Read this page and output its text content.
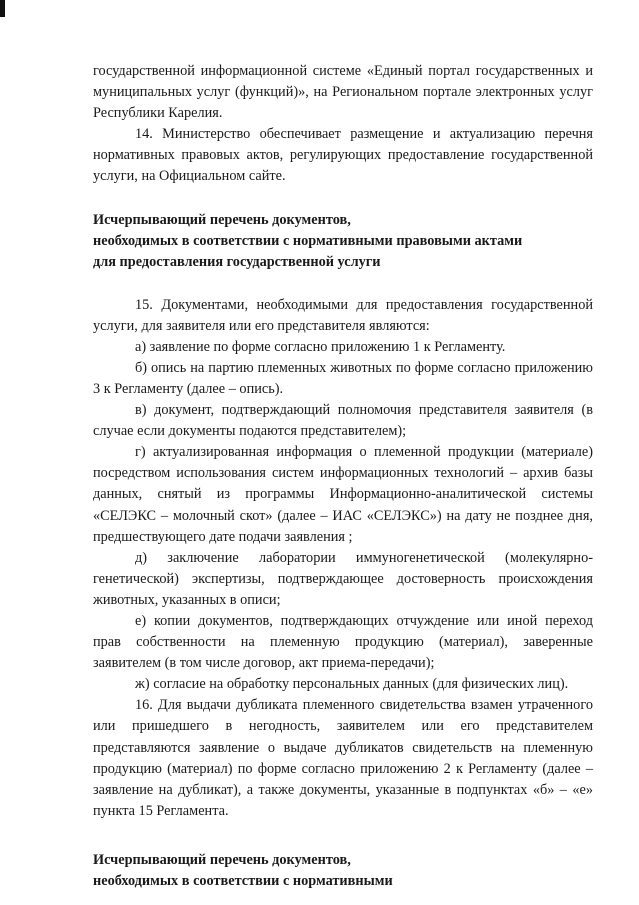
государственной информационной системе «Единый портал государственных и муниципальных услуг (функций)», на Региональном портале электронных услуг Республики Карелия.

14. Министерство обеспечивает размещение и актуализацию перечня нормативных правовых актов, регулирующих предоставление государственной услуги, на Официальном сайте.

Исчерпывающий перечень документов,

необходимых в соответствии с нормативными правовыми актами

для предоставления государственной услуги

15. Документами, необходимыми для предоставления государственной услуги, для заявителя или его представителя являются:

а) заявление по форме согласно приложению 1 к Регламенту.

б) опись на партию племенных животных по форме согласно приложению 3 к Регламенту (далее – опись).

в) документ, подтверждающий полномочия представителя заявителя (в случае если документы подаются представителем);

г) актуализированная информация о племенной продукции (материале) посредством использования систем информационных технологий – архив базы данных, снятый из программы Информационно-аналитической системы «СЕЛЭКС – молочный скот» (далее – ИАС «СЕЛЭКС») на дату не позднее дня, предшествующего дате подачи заявления ;

д) заключение лаборатории иммуногенетической (молекулярно-генетической) экспертизы, подтверждающее достоверность происхождения животных, указанных в описи;

е) копии документов, подтверждающих отчуждение или иной переход прав собственности на племенную продукцию (материал), заверенные заявителем (в том числе договор, акт приема-передачи);

ж) согласие на обработку персональных данных (для физических лиц).

16. Для выдачи дубликата племенного свидетельства взамен утраченного или пришедшего в негодность, заявителем или его представителем представляются заявление о выдаче дубликатов свидетельств на племенную продукцию (материал) по форме согласно приложению 2 к Регламенту (далее – заявление на дубликат), а также документы, указанные в подпунктах «б» – «е» пункта 15 Регламента.

Исчерпывающий перечень документов,

необходимых в соответствии с нормативными
